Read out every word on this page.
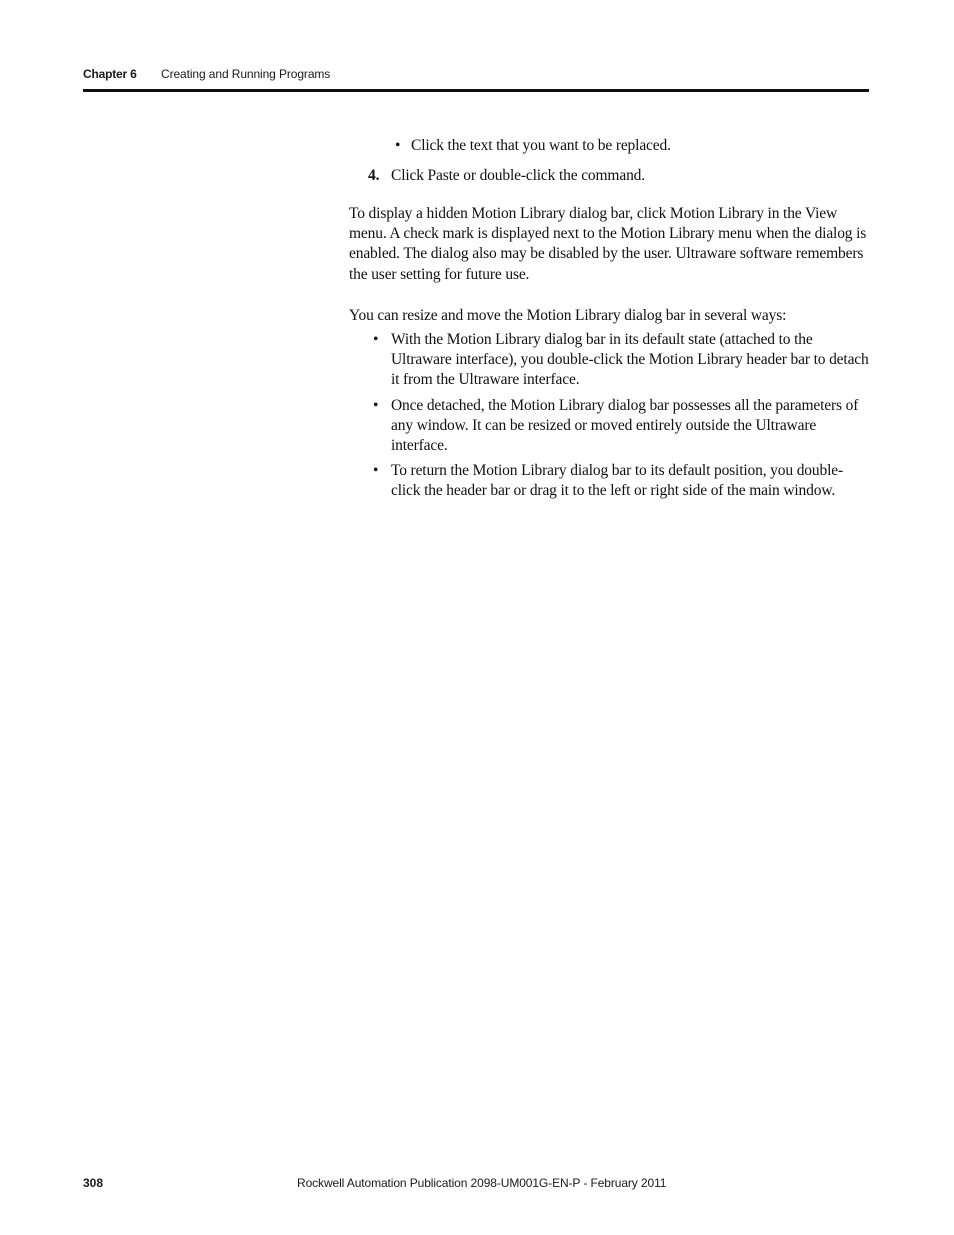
Chapter 6 Creating and Running Programs
• Click the text that you want to be replaced.
4. Click Paste or double-click the command.

To display a hidden Motion Library dialog bar, click Motion Library in the View menu. A check mark is displayed next to the Motion Library menu when the dialog is enabled. The dialog also may be disabled by the user. Ultraware software remembers the user setting for future use.

You can resize and move the Motion Library dialog bar in several ways:

• With the Motion Library dialog bar in its default state (attached to the Ultraware interface), you double-click the Motion Library header bar to detach it from the Ultraware interface.
• Once detached, the Motion Library dialog bar possesses all the parameters of any window. It can be resized or moved entirely outside the Ultraware interface.
• To return the Motion Library dialog bar to its default position, you double-click the header bar or drag it to the left or right side of the main window.
308	Rockwell Automation Publication 2098-UM001G-EN-P - February 2011
